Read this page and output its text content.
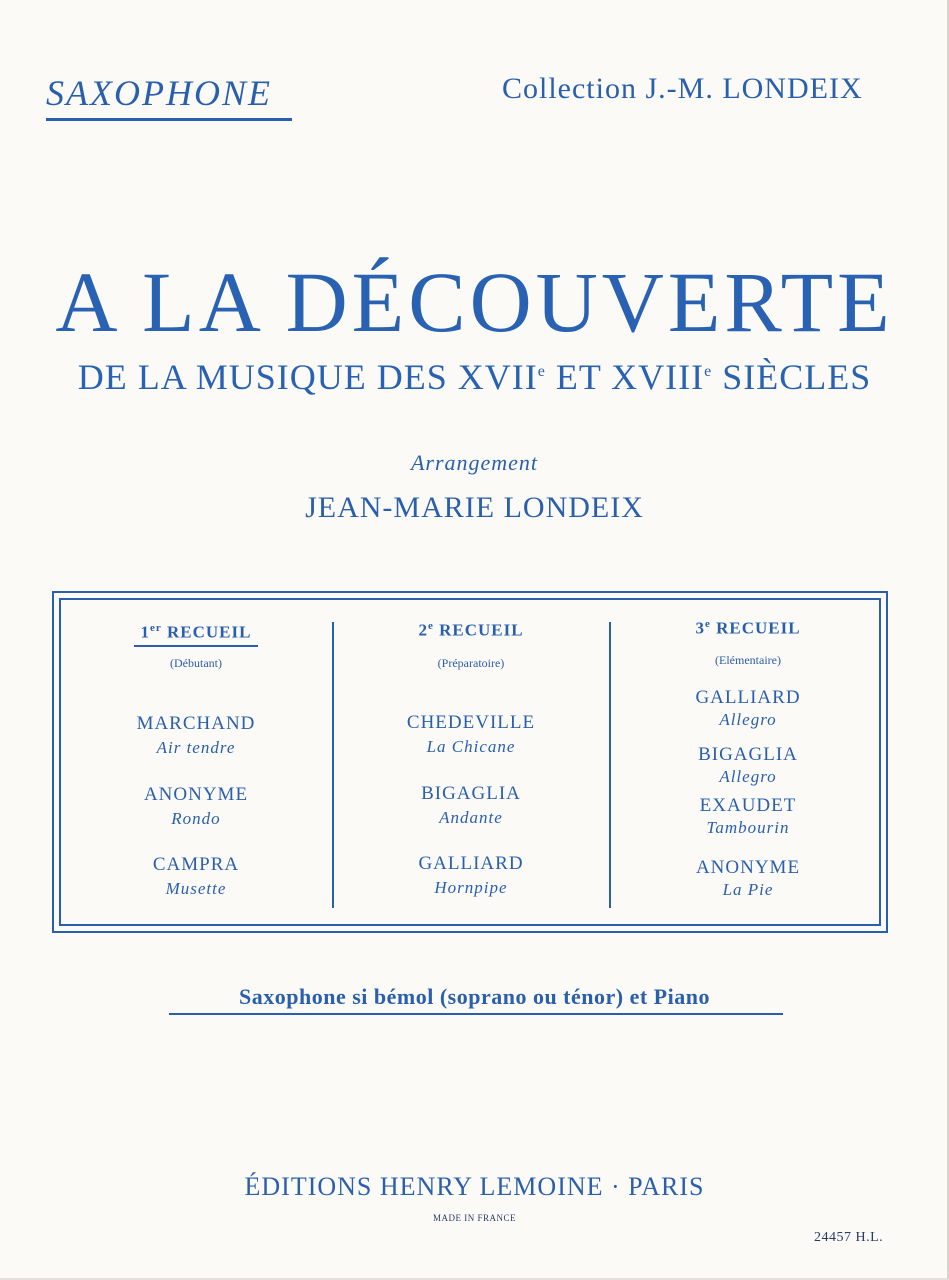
SAXOPHONE	Collection J.-M. LONDEIX
A LA DÉCOUVERTE
DE LA MUSIQUE DES XVIIe ET XVIIIe SIÈCLES
Arrangement
JEAN-MARIE LONDEIX
1er RECUEIL
(Débutant)
MARCHAND
Air tendre
ANONYME
Rondo
CAMPRA
Musette
2e RECUEIL
(Préparatoire)
CHEDEVILLE
La Chicane
BIGAGLIA
Andante
GALLIARD
Hornpipe
3e RECUEIL
(Elémentaire)
GALLIARD
Allegro
BIGAGLIA
Allegro
EXAUDET
Tambourin
ANONYME
La Pie
Saxophone si bémol (soprano ou ténor) et Piano
ÉDITIONS HENRY LEMOINE · PARIS
MADE IN FRANCE
24457 H.L.
